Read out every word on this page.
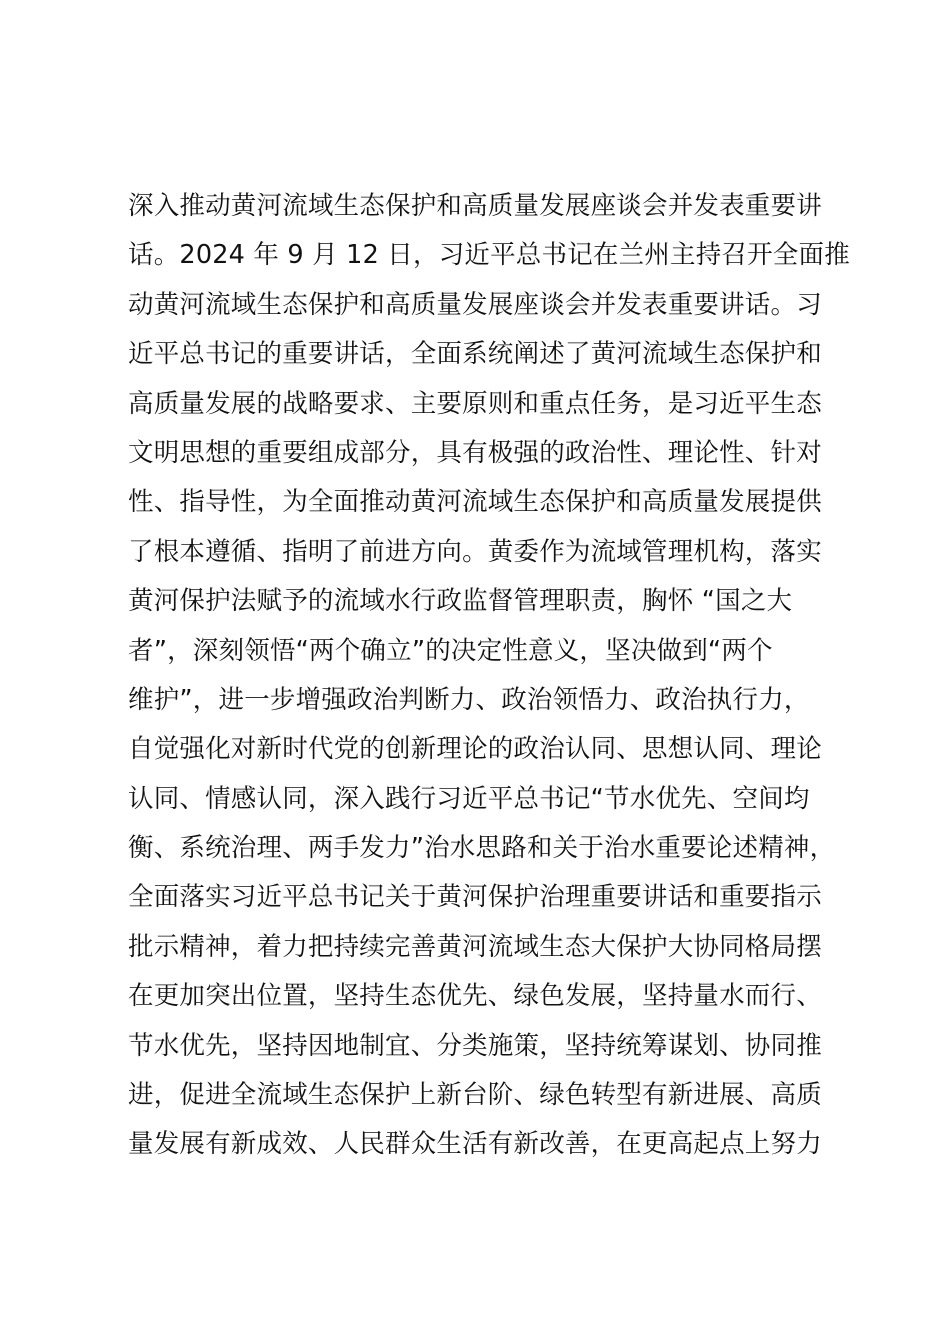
深入推动黄河流域生态保护和高质量发展座谈会并发表重要讲
话。2024 年 9 月 12 日，习近平总书记在兰州主持召开全面推
动黄河流域生态保护和高质量发展座谈会并发表重要讲话。习
近平总书记的重要讲话，全面系统阐述了黄河流域生态保护和
高质量发展的战略要求、主要原则和重点任务，是习近平生态
文明思想的重要组成部分，具有极强的政治性、理论性、针对
性、指导性，为全面推动黄河流域生态保护和高质量发展提供
了根本遵循、指明了前进方向。黄委作为流域管理机构，落实
黄河保护法赋予的流域水行政监督管理职责，胸怀 “国之大
者”，深刻领悟“两个确立”的决定性意义，坚决做到“两个
维护”，进一步增强政治判断力、政治领悟力、政治执行力，
自觉强化对新时代党的创新理论的政治认同、思想认同、理论
认同、情感认同，深入践行习近平总书记“节水优先、空间均
衡、系统治理、两手发力”治水思路和关于治水重要论述精神，
全面落实习近平总书记关于黄河保护治理重要讲话和重要指示
批示精神，着力把持续完善黄河流域生态大保护大协同格局摆
在更加突出位置，坚持生态优先、绿色发展，坚持量水而行、
节水优先，坚持因地制宜、分类施策，坚持统筹谋划、协同推
进，促进全流域生态保护上新台阶、绿色转型有新进展、高质
量发展有新成效、人民群众生活有新改善，在更高起点上努力
